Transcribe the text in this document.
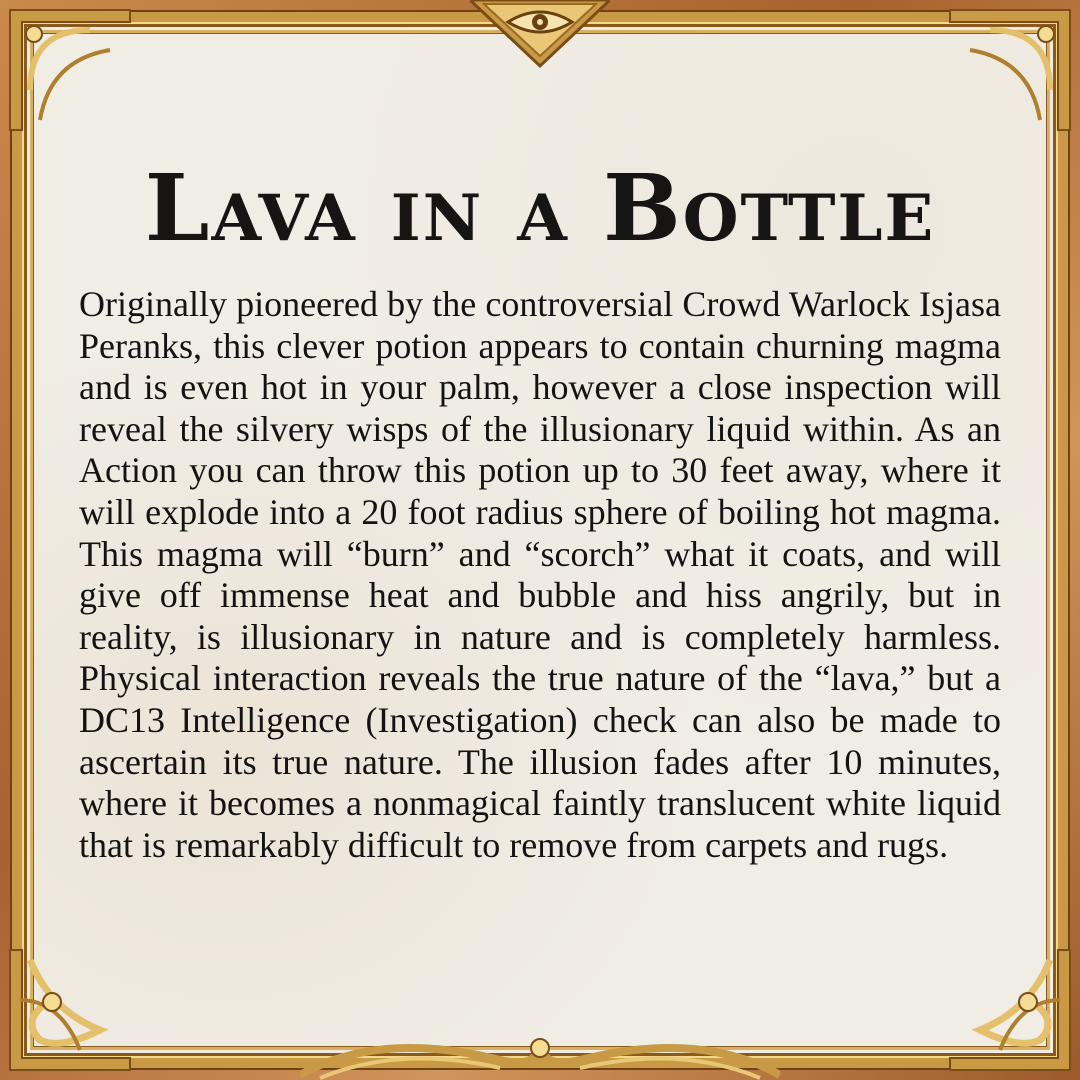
Lava in a Bottle

Originally pioneered by the controversial Crowd Warlock Isjasa Peranks, this clever potion appears to contain churning magma and is even hot in your palm, however a close inspection will reveal the silvery wisps of the illusionary liquid within. As an Action you can throw this potion up to 30 feet away, where it will explode into a 20 foot radius sphere of boiling hot magma. This magma will “burn” and “scorch” what it coats, and will give off immense heat and bubble and hiss angrily, but in reality, is illusionary in nature and is completely harmless. Physical interaction reveals the true nature of the “lava,” but a DC13 Intelligence (Investigation) check can also be made to ascertain its true nature. The illusion fades after 10 minutes, where it becomes a nonmagical faintly translucent white liquid that is remarkably difficult to remove from carpets and rugs.
